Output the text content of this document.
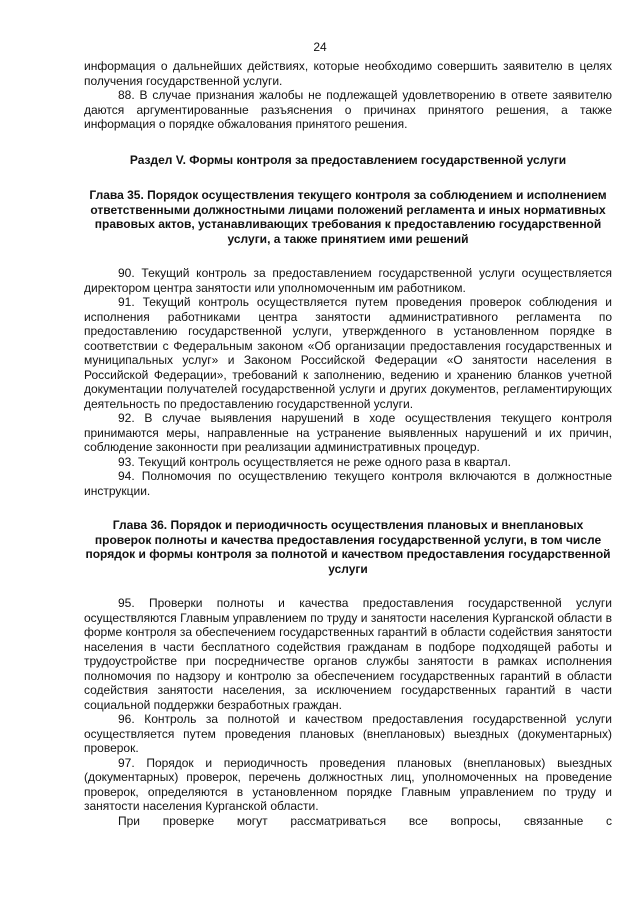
24

информация о дальнейших действиях, которые необходимо совершить заявителю в целях получения государственной услуги.

88. В случае признания жалобы не подлежащей удовлетворению в ответе заявителю даются аргументированные разъяснения о причинах принятого решения, а также информация о порядке обжалования принятого решения.

Раздел V. Формы контроля за предоставлением государственной услуги

Глава 35. Порядок осуществления текущего контроля за соблюдением и исполнением ответственными должностными лицами положений регламента и иных нормативных правовых актов, устанавливающих требования к предоставлению государственной услуги, а также принятием ими решений

90. Текущий контроль за предоставлением государственной услуги осуществляется директором центра занятости или уполномоченным им работником.

91. Текущий контроль осуществляется путем проведения проверок соблюдения и исполнения работниками центра занятости административного регламента по предоставлению государственной услуги, утвержденного в установленном порядке в соответствии с Федеральным законом «Об организации предоставления государственных и муниципальных услуг» и Законом Российской Федерации «О занятости населения в Российской Федерации», требований к заполнению, ведению и хранению бланков учетной документации получателей государственной услуги и других документов, регламентирующих деятельность по предоставлению государственной услуги.

92. В случае выявления нарушений в ходе осуществления текущего контроля принимаются меры, направленные на устранение выявленных нарушений и их причин, соблюдение законности при реализации административных процедур.

93. Текущий контроль осуществляется не реже одного раза в квартал.

94. Полномочия по осуществлению текущего контроля включаются в должностные инструкции.

Глава 36. Порядок и периодичность осуществления плановых и внеплановых проверок полноты и качества предоставления государственной услуги, в том числе порядок и формы контроля за полнотой и качеством предоставления государственной услуги

95. Проверки полноты и качества предоставления государственной услуги осуществляются Главным управлением по труду и занятости населения Курганской области в форме контроля за обеспечением государственных гарантий в области содействия занятости населения в части бесплатного содействия гражданам в подборе подходящей работы и трудоустройстве при посредничестве органов службы занятости в рамках исполнения полномочия по надзору и контролю за обеспечением государственных гарантий в области содействия занятости населения, за исключением государственных гарантий в части социальной поддержки безработных граждан.

96. Контроль за полнотой и качеством предоставления государственной услуги осуществляется путем проведения плановых (внеплановых) выездных (документарных) проверок.

97. Порядок и периодичность проведения плановых (внеплановых) выездных (документарных) проверок, перечень должностных лиц, уполномоченных на проведение проверок, определяются в установленном порядке Главным управлением по труду и занятости населения Курганской области.

При проверке могут рассматриваться все вопросы, связанные с
